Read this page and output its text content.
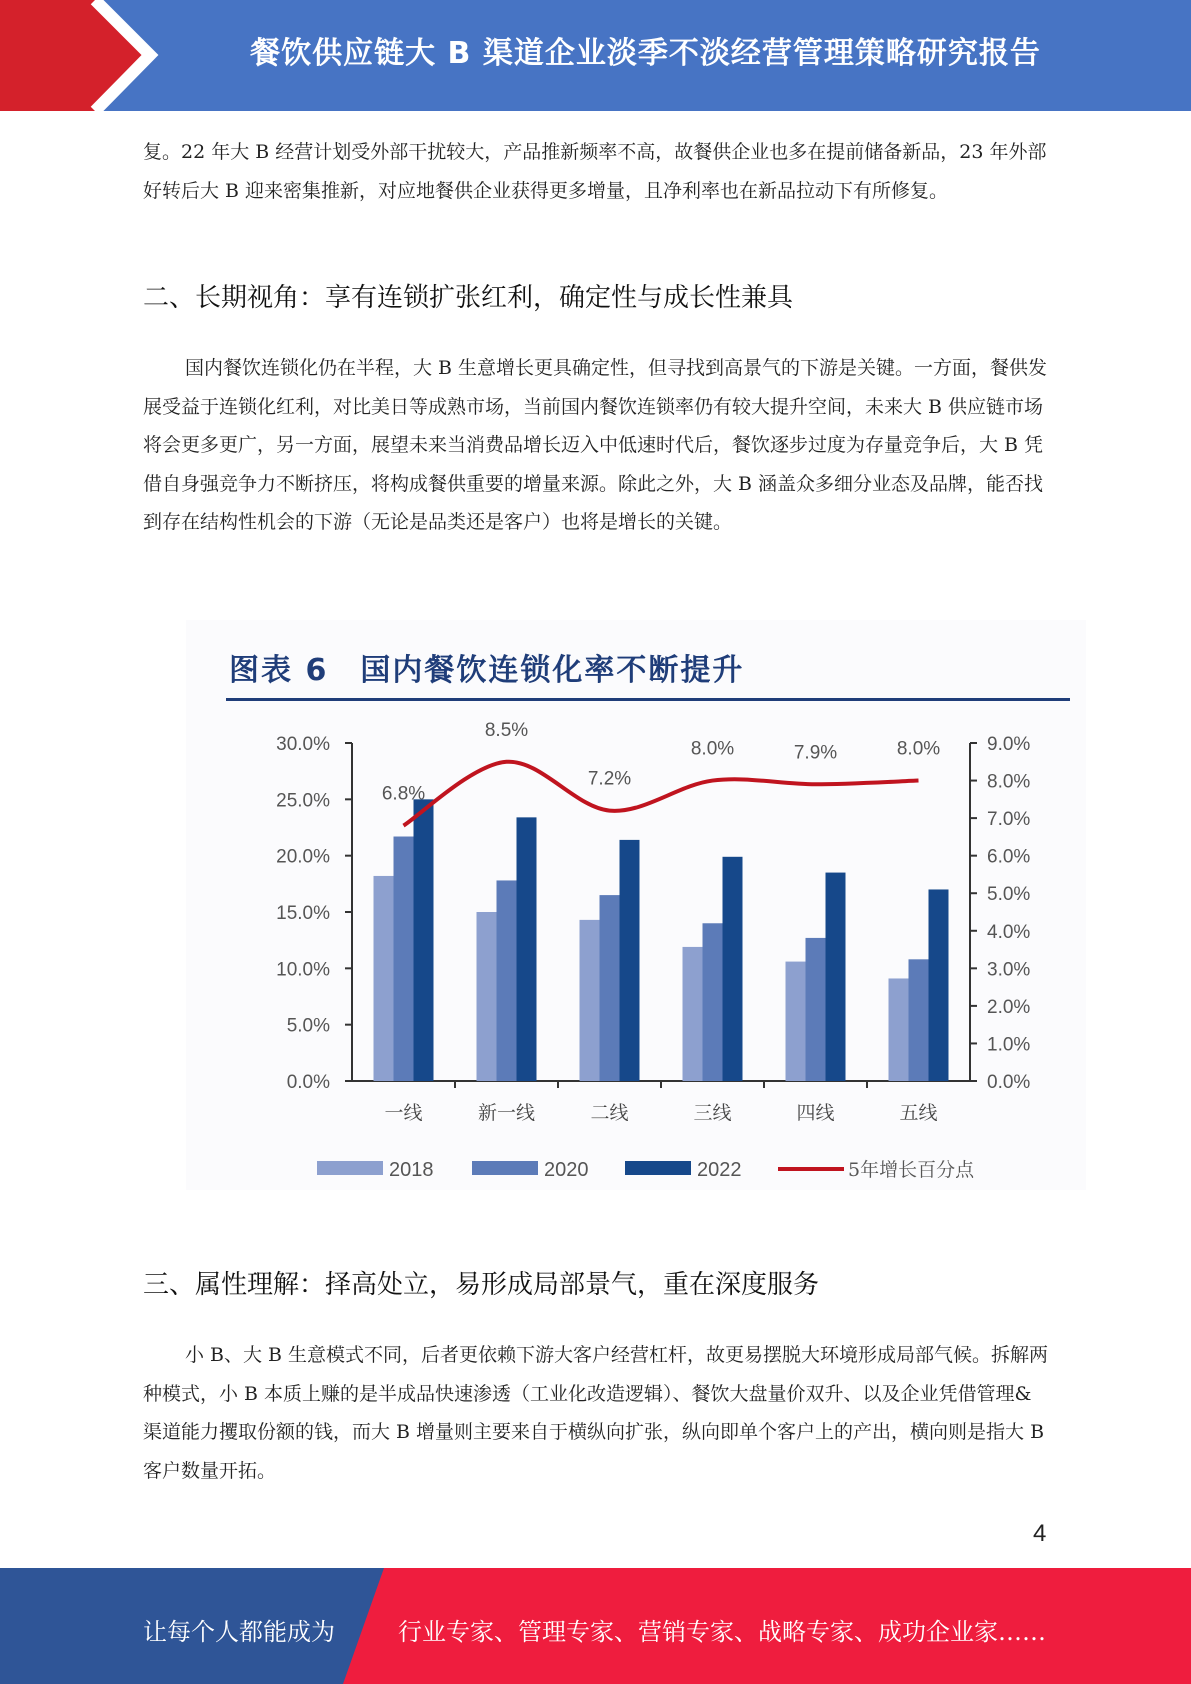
餐饮供应链大 B 渠道企业淡季不淡经营管理策略研究报告
复。22 年大 B 经营计划受外部干扰较大，产品推新频率不高，故餐供企业也多在提前储备新品，23 年外部好转后大 B 迎来密集推新，对应地餐供企业获得更多增量，且净利率也在新品拉动下有所修复。
二、长期视角：享有连锁扩张红利，确定性与成长性兼具
国内餐饮连锁化仍在半程，大 B 生意增长更具确定性，但寻找到高景气的下游是关键。一方面，餐供发展受益于连锁化红利，对比美日等成熟市场，当前国内餐饮连锁率仍有较大提升空间，未来大 B 供应链市场将会更多更广，另一方面，展望未来当消费品增长迈入中低速时代后，餐饮逐步过度为存量竞争后，大 B 凭借自身强竞争力不断挤压，将构成餐供重要的增量来源。除此之外，大 B 涵盖众多细分业态及品牌，能否找到存在结构性机会的下游（无论是品类还是客户）也将是增长的关键。
图表 6　国内餐饮连锁化率不断提升
0.0%
5.0%
10.0%
15.0%
20.0%
25.0%
30.0%
0.0%
1.0%
2.0%
3.0%
4.0%
5.0%
6.0%
7.0%
8.0%
9.0%
一线	新一线	二线	三线	四线	五线
6.8%
8.5%
7.2%
8.0%	7.9%	8.0%
2018	2020	2022	5年增长百分点
三、属性理解：择高处立，易形成局部景气，重在深度服务
小 B、大 B 生意模式不同，后者更依赖下游大客户经营杠杆，故更易摆脱大环境形成局部气候。拆解两种模式，小 B 本质上赚的是半成品快速渗透（工业化改造逻辑）、餐饮大盘量价双升、以及企业凭借管理&渠道能力攫取份额的钱，而大 B 增量则主要来自于横纵向扩张，纵向即单个客户上的产出，横向则是指大 B 客户数量开拓。
4
让每个人都能成为	行业专家、管理专家、营销专家、战略专家、成功企业家……
